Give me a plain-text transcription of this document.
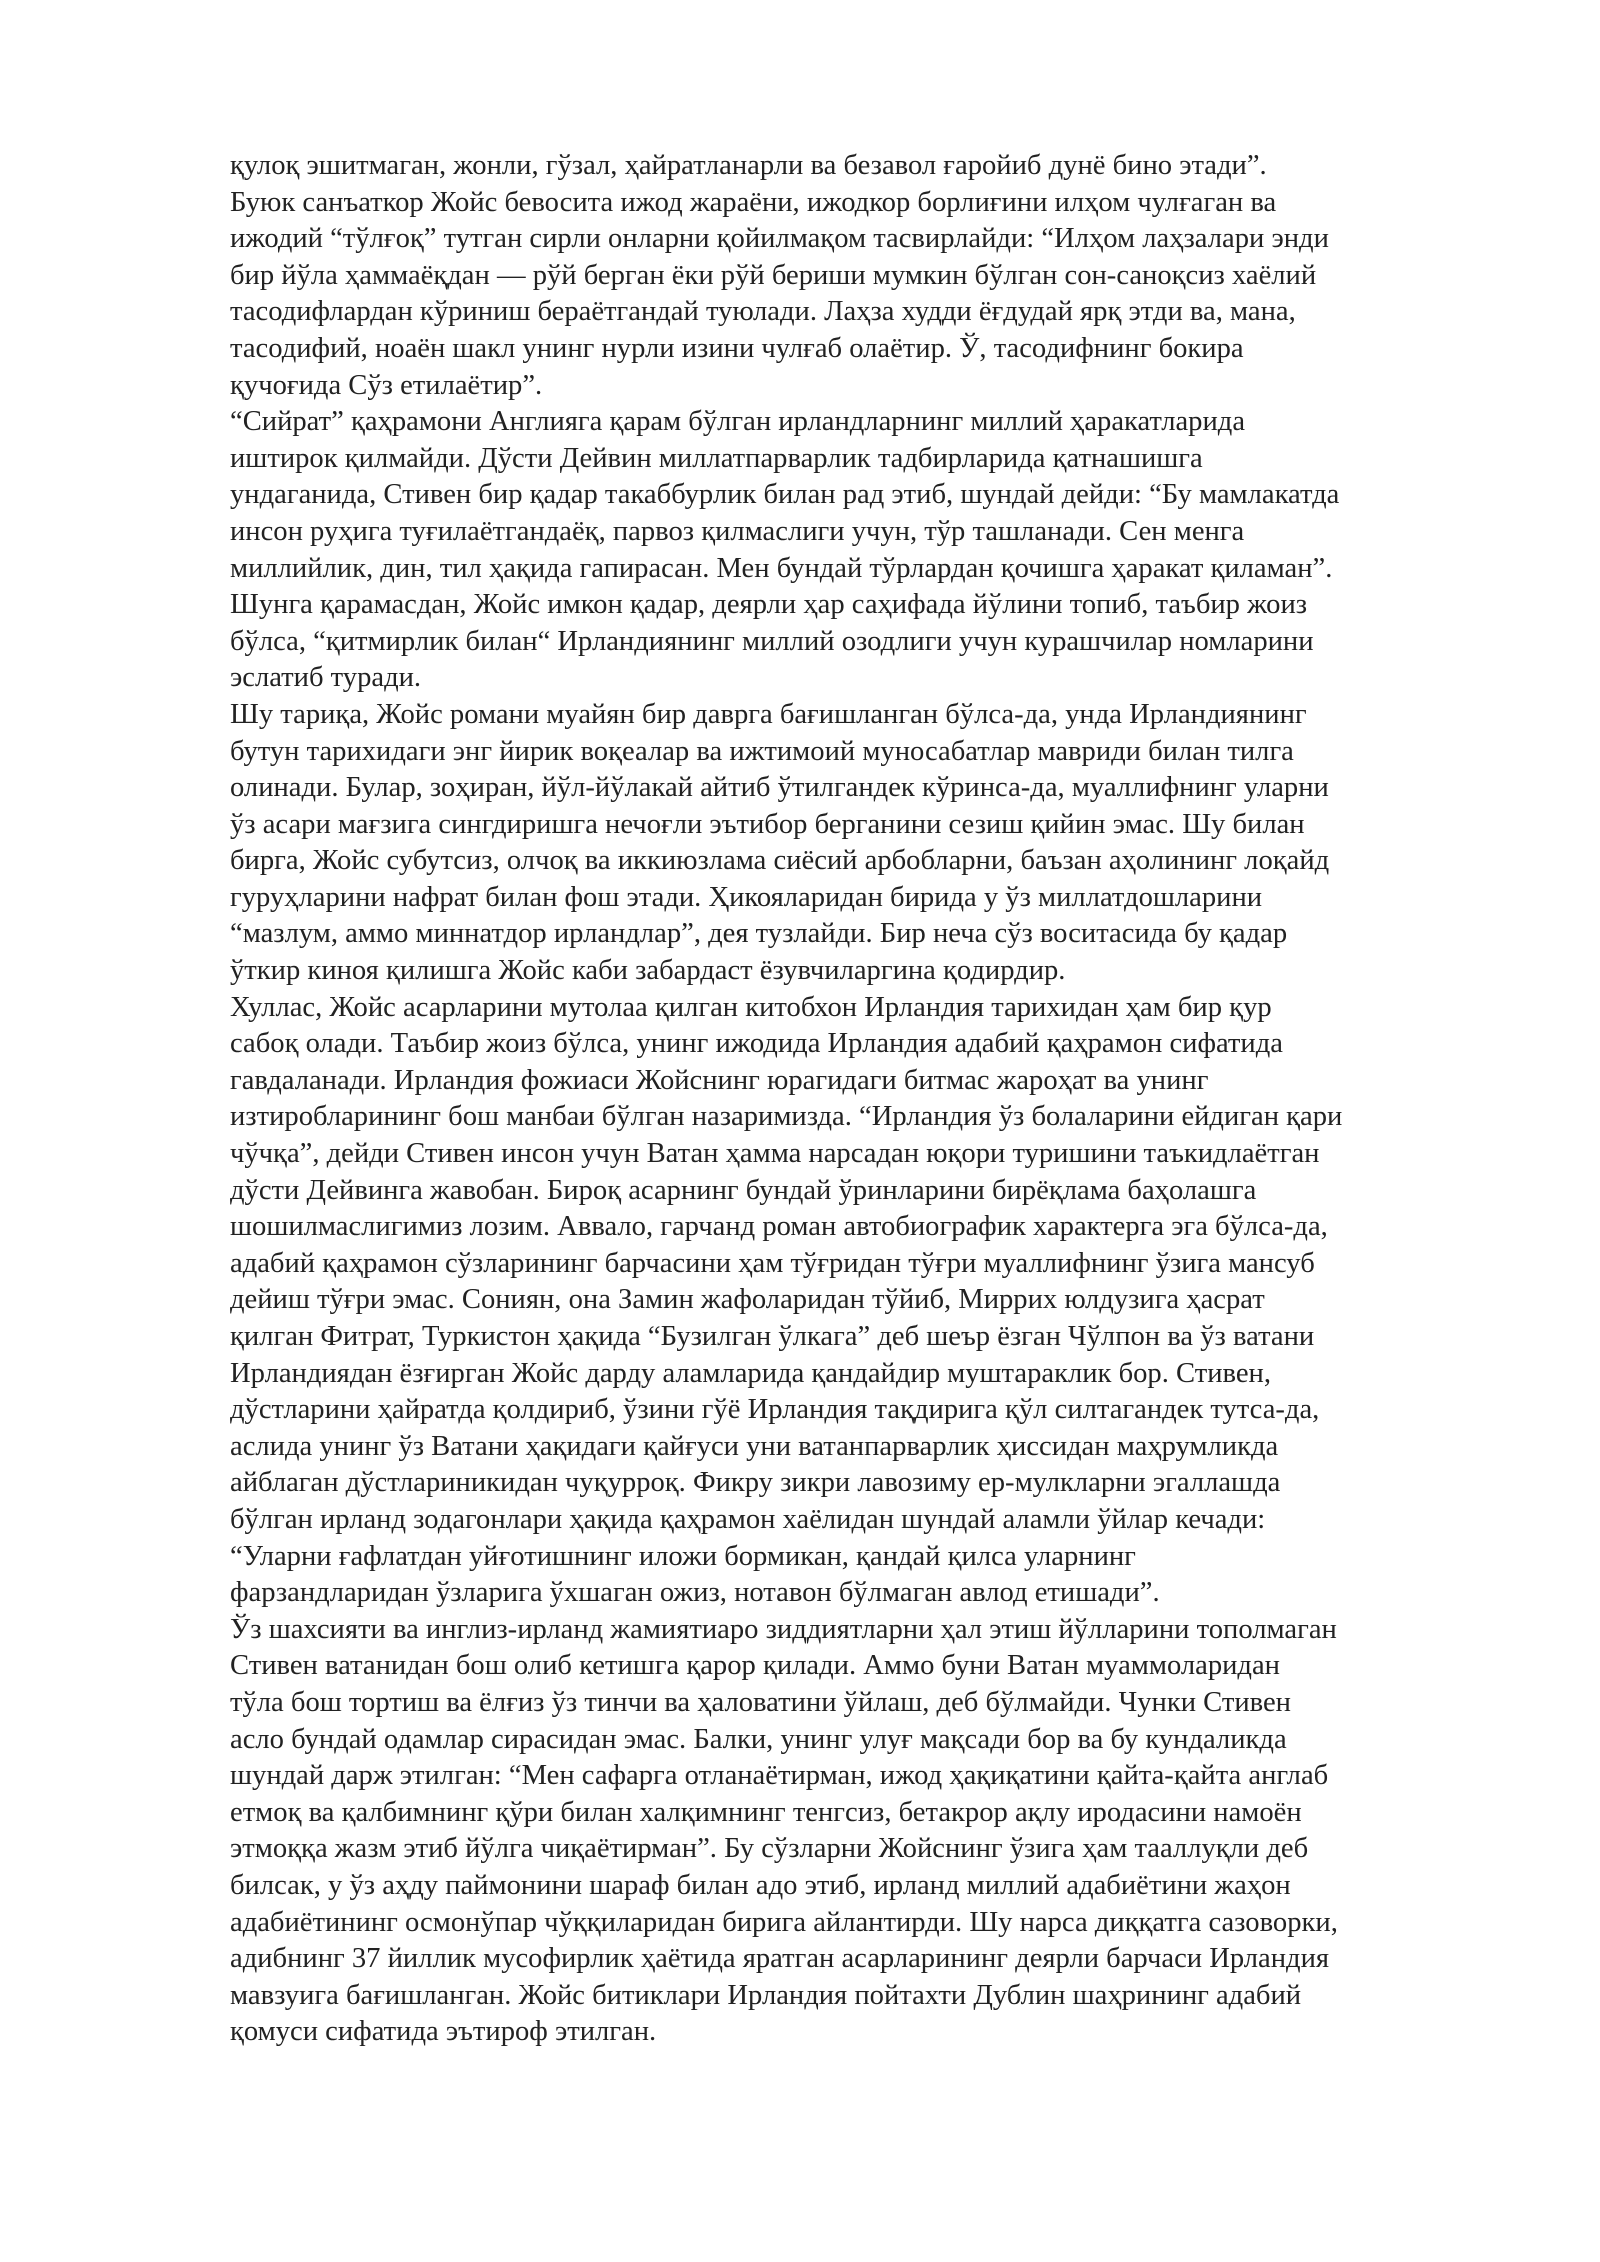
қулоқ эшитмаган, жонли, гўзал, ҳайратланарли ва безавол ғаройиб дунё бино этади”.

Буюк санъаткор Жойс бевосита ижод жараёни, ижодкор борлиғини илҳом чулғаган ва

ижодий “тўлғоқ” тутган сирли онларни қойилмақом тасвирлайди: “Илҳом лаҳзалари энди

бир йўла ҳаммаёқдан — рўй берган ёки рўй бериши мумкин бўлган сон-саноқсиз хаёлий

тасодифлардан кўриниш бераётгандай туюлади. Лаҳза худди ёғдудай ярқ этди ва, мана,

тасодифий, ноаён шакл унинг нурли изини чулғаб олаётир. Ў, тасодифнинг бокира

қучоғида Сўз етилаётир”.

“Сийрат” қаҳрамони Англияга қарам бўлган ирландларнинг миллий ҳаракатларида

иштирок қилмайди. Дўсти Дейвин миллатпарварлик тадбирларида қатнашишга

ундаганида, Стивен бир қадар такаббурлик билан рад этиб, шундай дейди: “Бу мамлакатда

инсон руҳига туғилаётгандаёқ, парвоз қилмаслиги учун, тўр ташланади. Сен менга

миллийлик, дин, тил ҳақида гапирасан. Мен бундай тўрлардан қочишга ҳаракат қиламан”.

Шунга қарамасдан, Жойс имкон қадар, деярли ҳар саҳифада йўлини топиб, таъбир жоиз

бўлса, “қитмирлик билан“ Ирландиянинг миллий озодлиги учун курашчилар номларини

эслатиб туради.

Шу тариқа, Жойс романи муайян бир даврга бағишланган бўлса-да, унда Ирландиянинг

бутун тарихидаги энг йирик воқеалар ва ижтимоий муносабатлар мавриди билан тилга

олинади. Булар, зоҳиран, йўл-йўлакай айтиб ўтилгандек кўринса-да, муаллифнинг уларни

ўз асари мағзига сингдиришга нечоғли эътибор берганини сезиш қийин эмас. Шу билан

бирга, Жойс субутсиз, олчоқ ва иккиюзлама сиёсий арбобларни, баъзан аҳолининг лоқайд

гуруҳларини нафрат билан фош этади. Ҳикояларидан бирида у ўз миллатдошларини

“мазлум, аммо миннатдор ирландлар”, дея тузлайди. Бир неча сўз воситасида бу қадар

ўткир киноя қилишга Жойс каби забардаст ёзувчиларгина қодирдир.

Хуллас, Жойс асарларини мутолаа қилган китобхон Ирландия тарихидан ҳам бир қур

сабоқ олади. Таъбир жоиз бўлса, унинг ижодида Ирландия адабий қаҳрамон сифатида

гавдаланади. Ирландия фожиаси Жойснинг юрагидаги битмас жароҳат ва унинг

изтиробларининг бош манбаи бўлган назаримизда. “Ирландия ўз болаларини ейдиган қари

чўчқа”, дейди Стивен инсон учун Ватан ҳамма нарсадан юқори туришини таъкидлаётган

дўсти Дейвинга жавобан. Бироқ асарнинг бундай ўринларини бирёқлама баҳолашга

шошилмаслигимиз лозим. Аввало, гарчанд роман автобиографик характерга эга бўлса-да,

адабий қаҳрамон сўзларининг барчасини ҳам тўғридан тўғри муаллифнинг ўзига мансуб

дейиш тўғри эмас. Сониян, она Замин жафоларидан тўйиб, Миррих юлдузига ҳасрат

қилган Фитрат, Туркистон ҳақида “Бузилган ўлкага” деб шеър ёзган Чўлпон ва ўз ватани

Ирландиядан ёзғирган Жойс дарду аламларида қандайдир муштараклик бор. Стивен,

дўстларини ҳайратда қолдириб, ўзини гўё Ирландия тақдирига қўл силтагандек тутса-да,

аслида унинг ўз Ватани ҳақидаги қайғуси уни ватанпарварлик ҳиссидан маҳрумликда

айблаган дўстлариникидан чуқурроқ. Фикру зикри лавозиму ер-мулкларни эгаллашда

бўлган ирланд зодагонлари ҳақида қаҳрамон хаёлидан шундай аламли ўйлар кечади:

“Уларни ғафлатдан уйғотишнинг иложи бормикан, қандай қилса уларнинг

фарзандларидан ўзларига ўхшаган ожиз, нотавон бўлмаган авлод етишади”.

Ўз шахсияти ва инглиз-ирланд жамиятиаро зиддиятларни ҳал этиш йўлларини тополмаган

Стивен ватанидан бош олиб кетишга қарор қилади. Аммо буни Ватан муаммоларидан

тўла бош тортиш ва ёлғиз ўз тинчи ва ҳаловатини ўйлаш, деб бўлмайди. Чунки Стивен

асло бундай одамлар сирасидан эмас. Балки, унинг улуғ мақсади бор ва бу кундаликда

шундай дарж этилган: “Мен сафарга отланаётирман, ижод ҳақиқатини қайта-қайта англаб

етмоқ ва қалбимнинг қўри билан халқимнинг тенгсиз, бетакрор ақлу иродасини намоён

этмоққа жазм этиб йўлга чиқаётирман”. Бу сўзларни Жойснинг ўзига ҳам тааллуқли деб

билсак, у ўз аҳду паймонини шараф билан адо этиб, ирланд миллий адабиётини жаҳон

адабиётининг осмонўпар чўққиларидан бирига айлантирди. Шу нарса диққатга сазоворки,

адибнинг 37 йиллик мусофирлик ҳаётида яратган асарларининг деярли барчаси Ирландия

мавзуига бағишланган. Жойс битиклари Ирландия пойтахти Дублин шаҳрининг адабий

қомуси сифатида эътироф этилган.
